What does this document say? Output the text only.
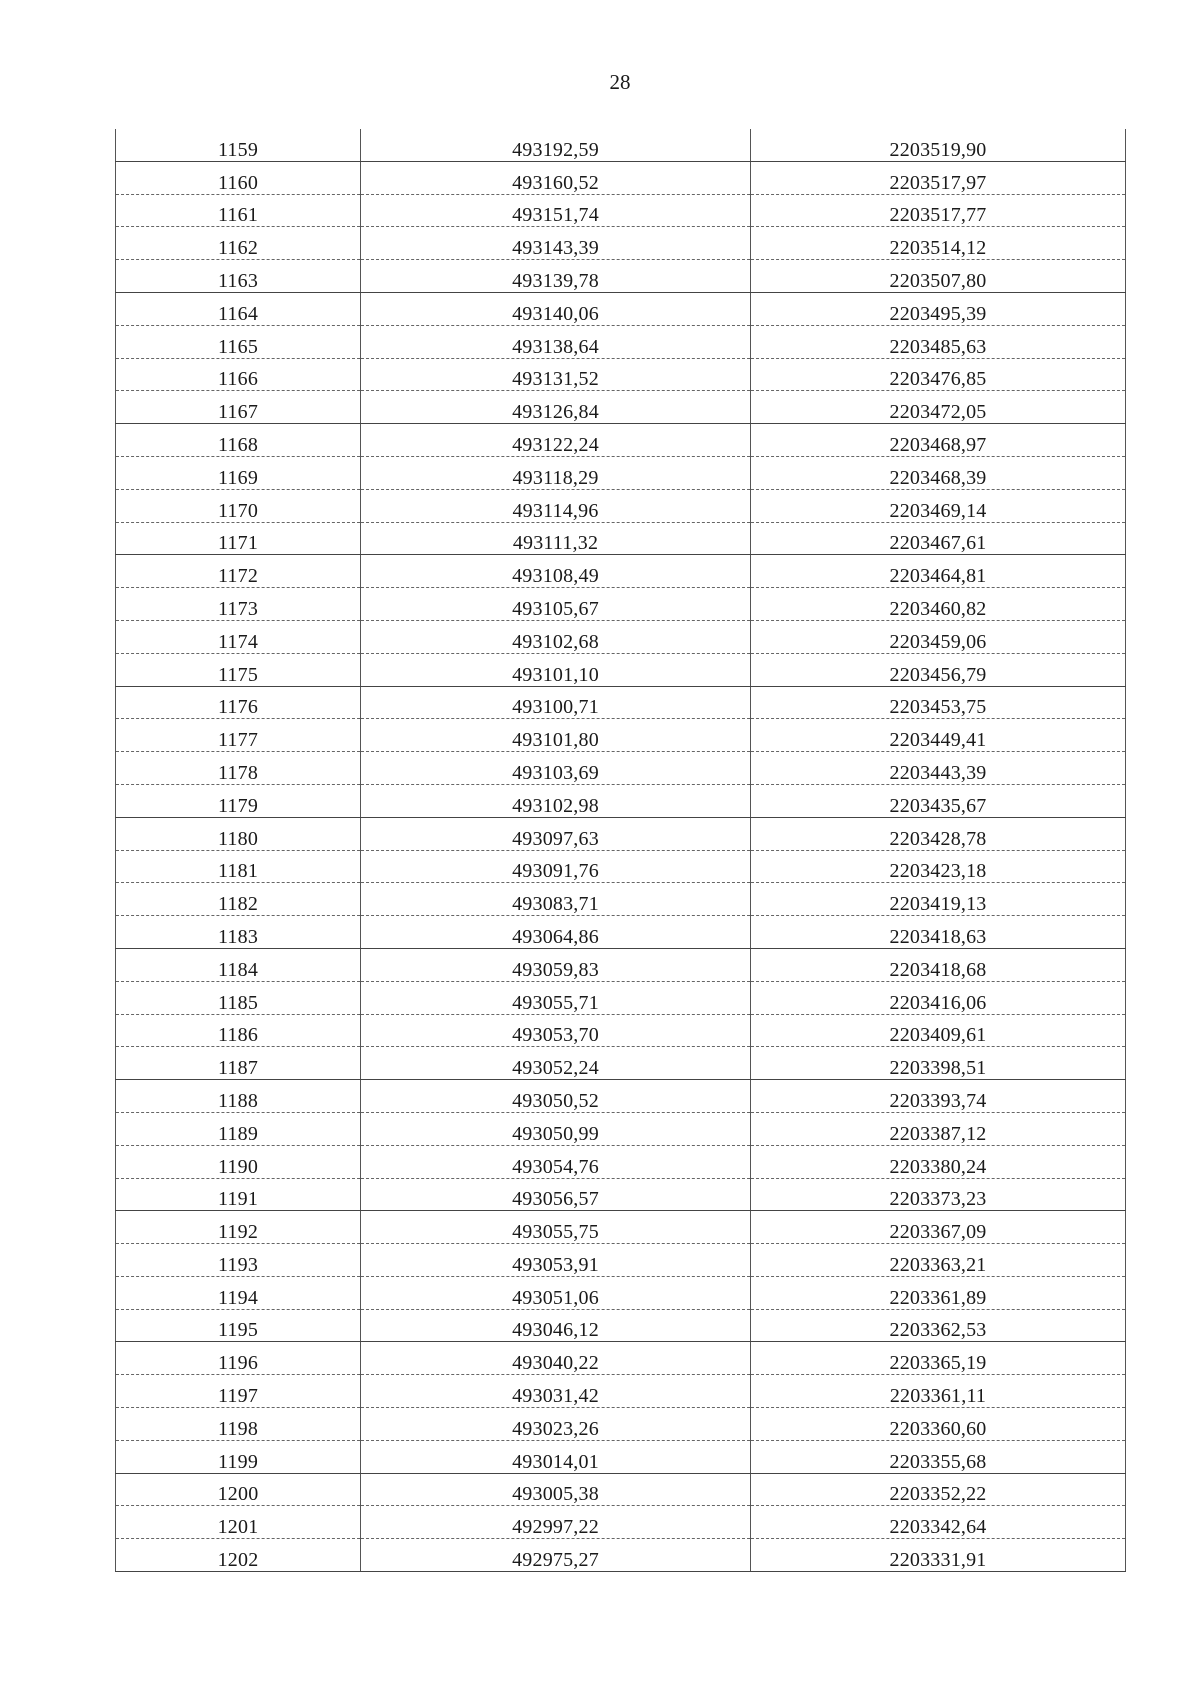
28
1159	493192,59	2203519,90
1160	493160,52	2203517,97
1161	493151,74	2203517,77
1162	493143,39	2203514,12
1163	493139,78	2203507,80
1164	493140,06	2203495,39
1165	493138,64	2203485,63
1166	493131,52	2203476,85
1167	493126,84	2203472,05
1168	493122,24	2203468,97
1169	493118,29	2203468,39
1170	493114,96	2203469,14
1171	493111,32	2203467,61
1172	493108,49	2203464,81
1173	493105,67	2203460,82
1174	493102,68	2203459,06
1175	493101,10	2203456,79
1176	493100,71	2203453,75
1177	493101,80	2203449,41
1178	493103,69	2203443,39
1179	493102,98	2203435,67
1180	493097,63	2203428,78
1181	493091,76	2203423,18
1182	493083,71	2203419,13
1183	493064,86	2203418,63
1184	493059,83	2203418,68
1185	493055,71	2203416,06
1186	493053,70	2203409,61
1187	493052,24	2203398,51
1188	493050,52	2203393,74
1189	493050,99	2203387,12
1190	493054,76	2203380,24
1191	493056,57	2203373,23
1192	493055,75	2203367,09
1193	493053,91	2203363,21
1194	493051,06	2203361,89
1195	493046,12	2203362,53
1196	493040,22	2203365,19
1197	493031,42	2203361,11
1198	493023,26	2203360,60
1199	493014,01	2203355,68
1200	493005,38	2203352,22
1201	492997,22	2203342,64
1202	492975,27	2203331,91
